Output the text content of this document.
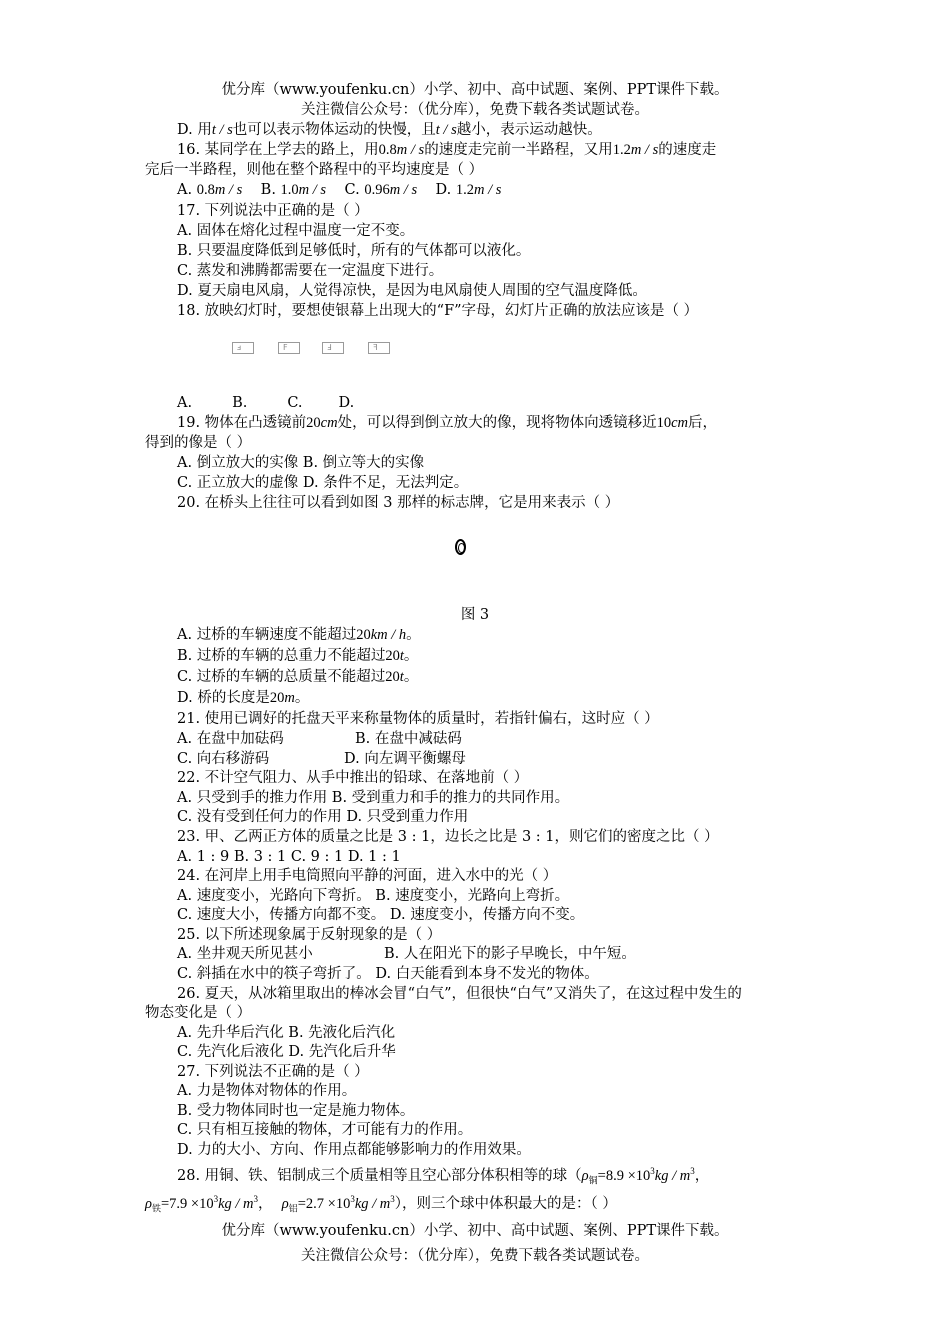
优分库（www.youfenku.cn）小学、初中、高中试题、案例、PPT课件下载。
关注微信公众号：（优分库），免费下载各类试题试卷。
D. 用t / s也可以表示物体运动的快慢，且t / s越小，表示运动越快。
16. 某同学在上学去的路上，用0.8m / s的速度走完前一半路程，又用1.2m / s的速度走
完后一半路程，则他在整个路程中的平均速度是（ ）
A. 0.8m / s B. 1.0m / s C. 0.96m / s D. 1.2m / s
17. 下列说法中正确的是（ ）
A. 固体在熔化过程中温度一定不变。
B. 只要温度降低到足够低时，所有的气体都可以液化。
C. 蒸发和沸腾都需要在一定温度下进行。
D. 夏天扇电风扇，人觉得凉快，是因为电风扇使人周围的空气温度降低。
18. 放映幻灯时，要想使银幕上出现大的“F”字母，幻灯片正确的放法应该是（ ）
ⅎ	F	Ⅎ	ꟻ
A.	B.	C. D.
19. 物体在凸透镜前20cm处，可以得到倒立放大的像，现将物体向透镜移近10cm后，
得到的像是（ ）
A. 倒立放大的实像 B. 倒立等大的实像
C. 正立放大的虚像 D. 条件不足，无法判定。
20. 在桥头上往往可以看到如图 3 那样的标志牌，它是用来表示（ ）
图 3
A. 过桥的车辆速度不能超过20km / h。
B. 过桥的车辆的总重力不能超过20t。
C. 过桥的车辆的总质量不能超过20t。
D. 桥的长度是20m。
21. 使用已调好的托盘天平来称量物体的质量时，若指针偏右，这时应（ ）
A. 在盘中加砝码	B. 在盘中减砝码
C. 向右移游码	D. 向左调平衡螺母
22. 不计空气阻力、从手中推出的铅球、在落地前（ ）
A. 只受到手的推力作用 B. 受到重力和手的推力的共同作用。
C. 没有受到任何力的作用 D. 只受到重力作用
23. 甲、乙两正方体的质量之比是 3 : 1，边长之比是 3 : 1，则它们的密度之比（ ）
A. 1 : 9 B. 3 : 1 C. 9 : 1 D. 1 : 1
24. 在河岸上用手电筒照向平静的河面，进入水中的光（ ）
A. 速度变小，光路向下弯折。 B. 速度变小，光路向上弯折。
C. 速度大小，传播方向都不变。 D. 速度变小，传播方向不变。
25. 以下所述现象属于反射现象的是（ ）
A. 坐井观天所见甚小	B. 人在阳光下的影子早晚长，中午短。
C. 斜插在水中的筷子弯折了。 D. 白天能看到本身不发光的物体。
26. 夏天，从冰箱里取出的棒冰会冒“白气”，但很快“白气”又消失了，在这过程中发生的
物态变化是（ ）
A. 先升华后汽化 B. 先液化后汽化
C. 先汽化后液化 D. 先汽化后升华
27. 下列说法不正确的是（ ）
A. 力是物体对物体的作用。
B. 受力物体同时也一定是施力物体。
C. 只有相互接触的物体，才可能有力的作用。
D. 力的大小、方向、作用点都能够影响力的作用效果。
28. 用铜、铁、铝制成三个质量相等且空心部分体积相等的球（$\rho_铜=8.9 \times 10^3kg / m^3$，
$\rho_铁=7.9 \times 10^3kg / m^3$， $\rho_铝=2.7 \times 10^3kg / m^3$），则三个球中体积最大的是：（ ）
优分库（www.youfenku.cn）小学、初中、高中试题、案例、PPT课件下载。
关注微信公众号：（优分库），免费下载各类试题试卷。
